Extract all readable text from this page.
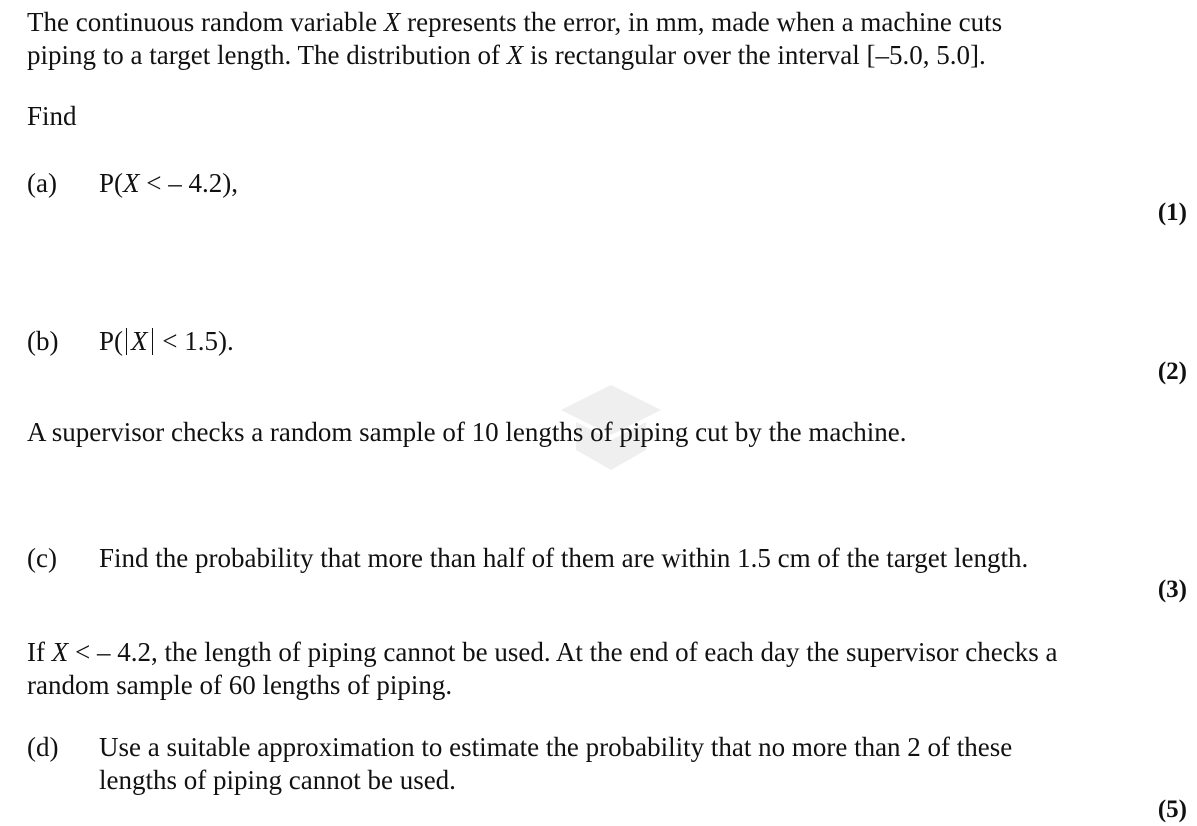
The continuous random variable X represents the error, in mm, made when a machine cuts
piping to a target length. The distribution of X is rectangular over the interval [–5.0, 5.0].
Find
(a) P(X < – 4.2),
(1)
(b) P( X < 1.5).
(2)
A supervisor checks a random sample of 10 lengths of piping cut by the machine.
(c) Find the probability that more than half of them are within 1.5 cm of the target length.
(3)
If X < – 4.2, the length of piping cannot be used. At the end of each day the supervisor checks a
random sample of 60 lengths of piping.
(d) Use a suitable approximation to estimate the probability that no more than 2 of these
lengths of piping cannot be used.
(5)
